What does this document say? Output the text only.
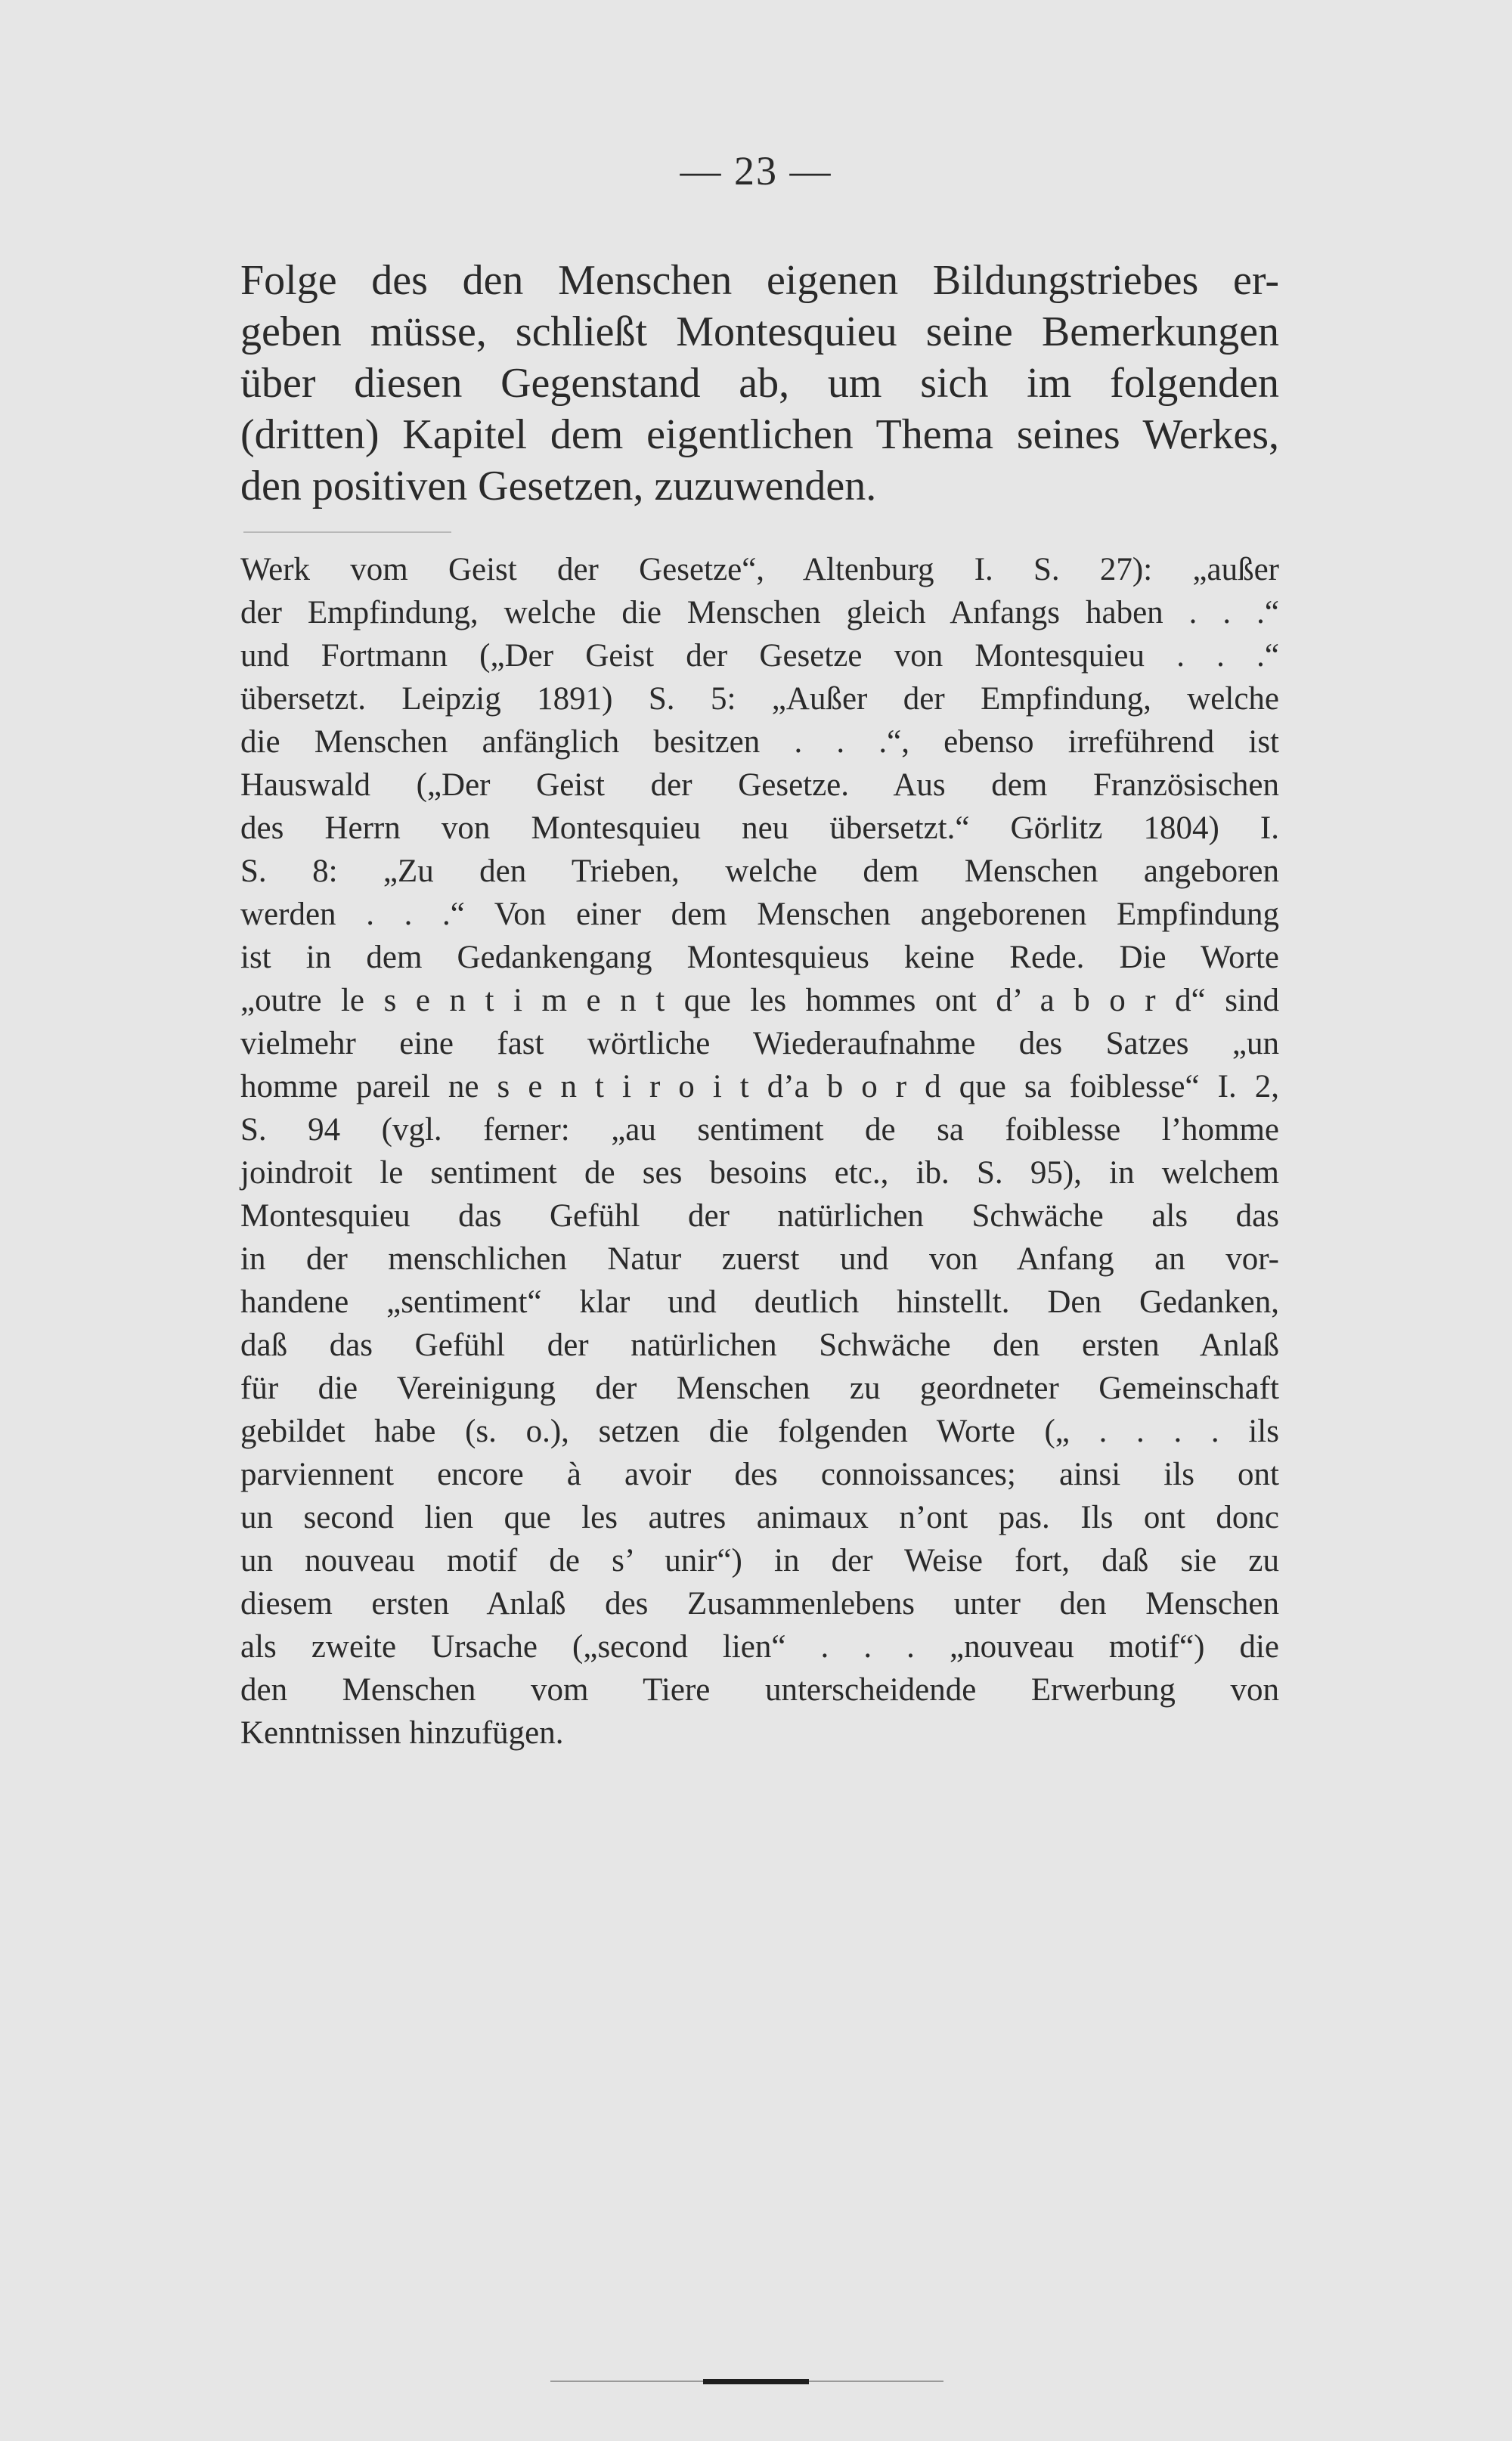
— 23 —
Folge des den Menschen eigenen Bildungstriebes er-
geben müsse, schließt Montesquieu seine Bemerkungen
über diesen Gegenstand ab, um sich im folgenden
(dritten) Kapitel dem eigentlichen Thema seines Werkes,
den positiven Gesetzen, zuzuwenden.
Werk vom Geist der Gesetze“, Altenburg I. S. 27): „außer
der Empfindung, welche die Menschen gleich Anfangs haben . . .“
und Fortmann („Der Geist der Gesetze von Montesquieu . . .“
übersetzt. Leipzig 1891) S. 5: „Außer der Empfindung, welche
die Menschen anfänglich besitzen . . .“, ebenso irreführend ist
Hauswald („Der Geist der Gesetze. Aus dem Französischen
des Herrn von Montesquieu neu übersetzt.“ Görlitz 1804) I.
S. 8: „Zu den Trieben, welche dem Menschen angeboren
werden . . .“ Von einer dem Menschen angeborenen Empfindung
ist in dem Gedankengang Montesquieus keine Rede. Die Worte
„outre le s e n t i m e n t que les hommes ont d’ a b o r d“ sind
vielmehr eine fast wörtliche Wiederaufnahme des Satzes „un
homme pareil ne s e n t i r o i t d’a b o r d que sa foiblesse“ I. 2,
S. 94 (vgl. ferner: „au sentiment de sa foiblesse l’homme
joindroit le sentiment de ses besoins etc., ib. S. 95), in welchem
Montesquieu das Gefühl der natürlichen Schwäche als das
in der menschlichen Natur zuerst und von Anfang an vor-
handene „sentiment“ klar und deutlich hinstellt. Den Gedanken,
daß das Gefühl der natürlichen Schwäche den ersten Anlaß
für die Vereinigung der Menschen zu geordneter Gemeinschaft
gebildet habe (s. o.), setzen die folgenden Worte („ . . . . ils
parviennent encore à avoir des connoissances; ainsi ils ont
un second lien que les autres animaux n’ont pas. Ils ont donc
un nouveau motif de s’ unir“) in der Weise fort, daß sie zu
diesem ersten Anlaß des Zusammenlebens unter den Menschen
als zweite Ursache („second lien“ . . . „nouveau motif“) die
den Menschen vom Tiere unterscheidende Erwerbung von
Kenntnissen hinzufügen.
